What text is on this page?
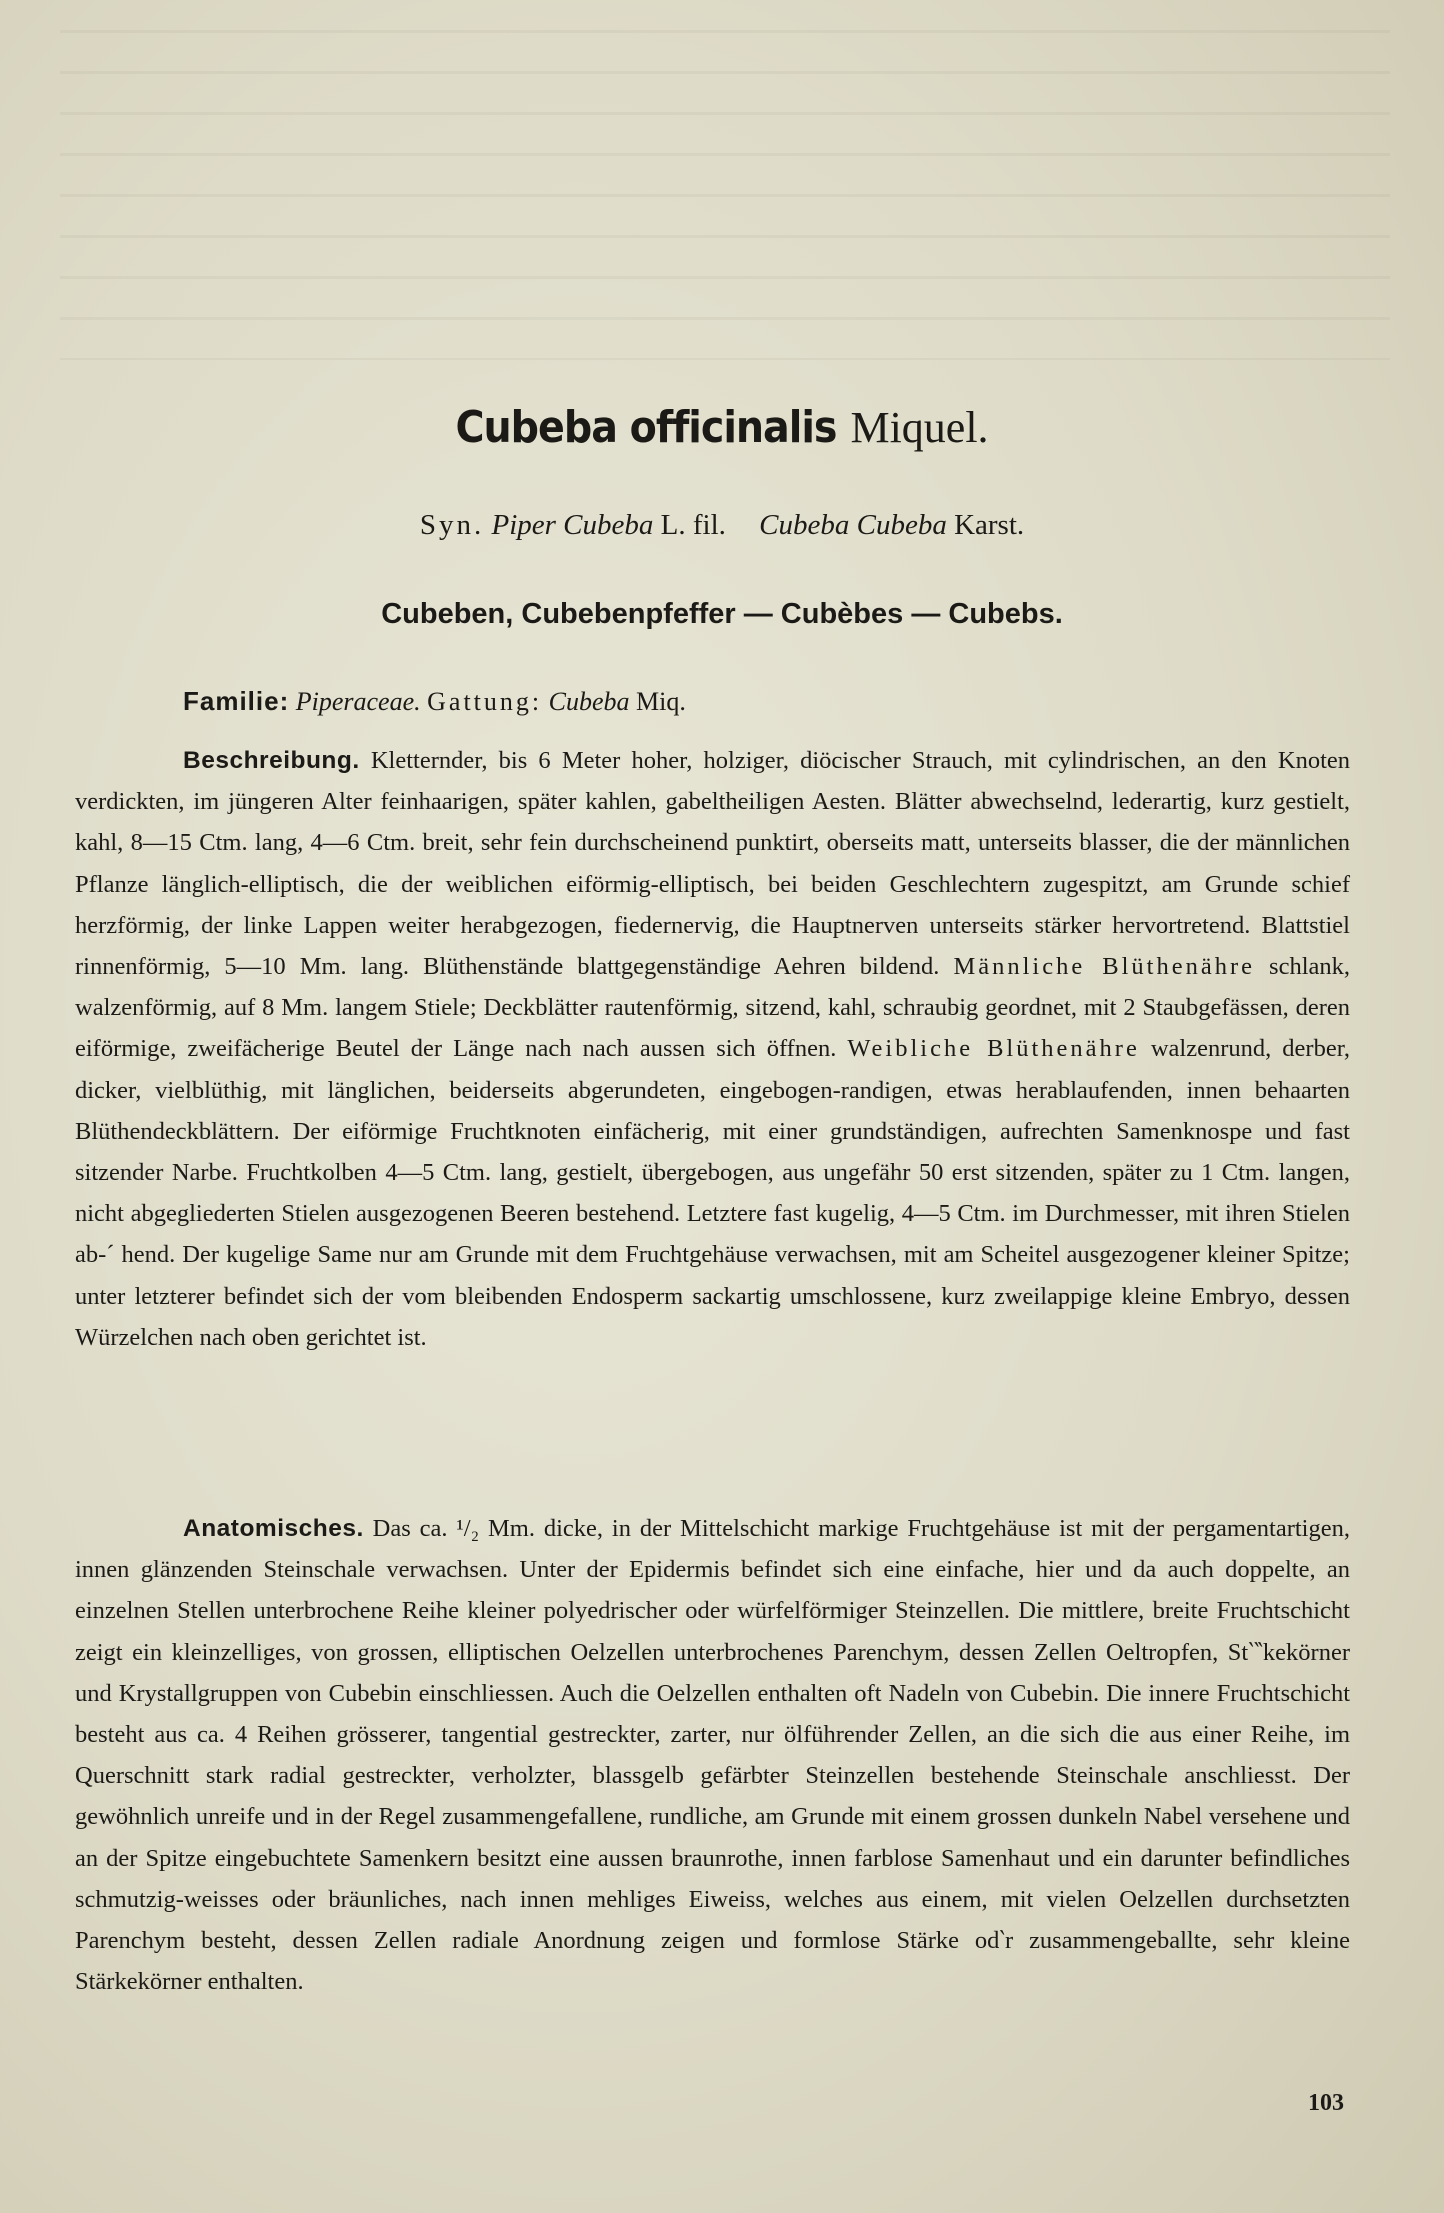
Cubeba officinalis Miquel.
Syn. Piper Cubeba L. fil. Cubeba Cubeba Karst.
Cubeben, Cubebenpfeffer — Cubèbes — Cubebs.
Familie: Piperaceae. Gattung: Cubeba Miq.
Beschreibung. Kletternder, bis 6 Meter hoher, holziger, diöcischer Strauch, mit cylindrischen, an den Knoten verdickten, im jüngeren Alter feinhaarigen, später kahlen, gabeltheiligen Aesten. Blätter abwechselnd, lederartig, kurz gestielt, kahl, 8—15 Ctm. lang, 4—6 Ctm. breit, sehr fein durchscheinend punktirt, oberseits matt, unterseits blasser, die der männlichen Pflanze länglich-elliptisch, die der weiblichen eiförmig-elliptisch, bei beiden Geschlechtern zugespitzt, am Grunde schief herzförmig, der linke Lappen weiter herabgezogen, fiedernervig, die Hauptnerven unterseits stärker hervortretend. Blattstiel rinnenförmig, 5—10 Mm. lang. Blüthenstände blattgegenständige Aehren bildend. Männliche Blüthenähre schlank, walzenförmig, auf 8 Mm. langem Stiele; Deckblätter rautenförmig, sitzend, kahl, schraubig geordnet, mit 2 Staubgefässen, deren eiförmige, zweifächerige Beutel der Länge nach nach aussen sich öffnen. Weibliche Blüthenähre walzenrund, derber, dicker, vielblüthig, mit länglichen, beiderseits abgerundeten, eingebogen-randigen, etwas herablaufenden, innen behaarten Blüthendeckblättern. Der eiförmige Fruchtknoten einfächerig, mit einer grundständigen, aufrechten Samenknospe und fast sitzender Narbe. Fruchtkolben 4—5 Ctm. lang, gestielt, übergebogen, aus ungefähr 50 erst sitzenden, später zu 1 Ctm. langen, nicht abgegliederten Stielen ausgezogenen Beeren bestehend. Letztere fast kugelig, 4—5 Ctm. im Durchmesser, mit ihren Stielen ab-´ hend. Der kugelige Same nur am Grunde mit dem Fruchtgehäuse verwachsen, mit am Scheitel ausgezogener kleiner Spitze; unter letzterer befindet sich der vom bleibenden Endosperm sackartig umschlossene, kurz zweilappige kleine Embryo, dessen Würzelchen nach oben gerichtet ist.
Anatomisches. Das ca. ¹/₂ Mm. dicke, in der Mittelschicht markige Fruchtgehäuse ist mit der pergamentartigen, innen glänzenden Steinschale verwachsen. Unter der Epidermis befindet sich eine einfache, hier und da auch doppelte, an einzelnen Stellen unterbrochene Reihe kleiner polyedrischer oder würfelförmiger Steinzellen. Die mittlere, breite Fruchtschicht zeigt ein kleinzelliges, von grossen, elliptischen Oelzellen unterbrochenes Parenchym, dessen Zellen Oeltropfen, St‵‶kekörner und Krystallgruppen von Cubebin einschliessen. Auch die Oelzellen enthalten oft Nadeln von Cubebin. Die innere Fruchtschicht besteht aus ca. 4 Reihen grösserer, tangential gestreckter, zarter, nur ölführender Zellen, an die sich die aus einer Reihe, im Querschnitt stark radial gestreckter, verholzter, blassgelb gefärbter Steinzellen bestehende Steinschale anschliesst. Der gewöhnlich unreife und in der Regel zusammengefallene, rundliche, am Grunde mit einem grossen dunkeln Nabel versehene und an der Spitze eingebuchtete Samenkern besitzt eine aussen braunrothe, innen farblose Samenhaut und ein darunter befindliches schmutzig-weisses oder bräunliches, nach innen mehliges Eiweiss, welches aus einem, mit vielen Oelzellen durchsetzten Parenchym besteht, dessen Zellen radiale Anordnung zeigen und formlose Stärke od‵r zusammengeballte, sehr kleine Stärkekörner enthalten.
103
